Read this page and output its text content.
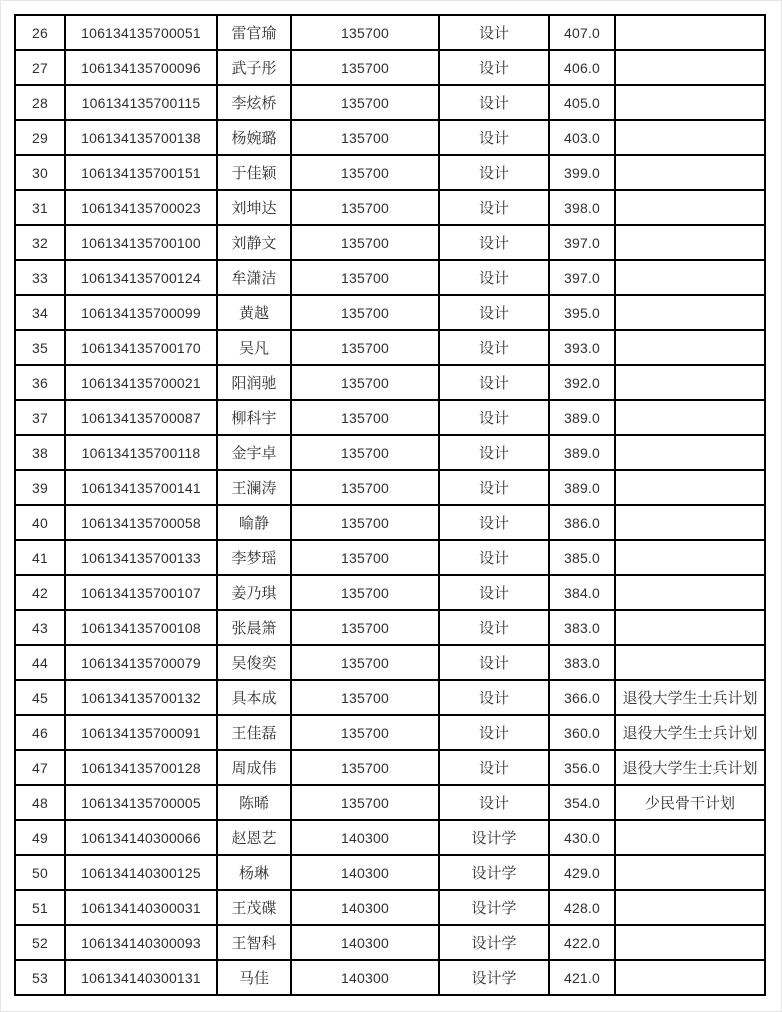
26	106134135700051	雷官瑜	135700	设计	407.0	
27	106134135700096	武子彤	135700	设计	406.0	
28	106134135700115	李炫桥	135700	设计	405.0	
29	106134135700138	杨婉璐	135700	设计	403.0	
30	106134135700151	于佳颖	135700	设计	399.0	
31	106134135700023	刘坤达	135700	设计	398.0	
32	106134135700100	刘静文	135700	设计	397.0	
33	106134135700124	牟潇洁	135700	设计	397.0	
34	106134135700099	黄越	135700	设计	395.0	
35	106134135700170	吴凡	135700	设计	393.0	
36	106134135700021	阳润驰	135700	设计	392.0	
37	106134135700087	柳科宇	135700	设计	389.0	
38	106134135700118	金宇卓	135700	设计	389.0	
39	106134135700141	王澜涛	135700	设计	389.0	
40	106134135700058	喻静	135700	设计	386.0	
41	106134135700133	李梦瑶	135700	设计	385.0	
42	106134135700107	姜乃琪	135700	设计	384.0	
43	106134135700108	张晨箫	135700	设计	383.0	
44	106134135700079	吴俊奕	135700	设计	383.0	
45	106134135700132	具本成	135700	设计	366.0	退役大学生士兵计划
46	106134135700091	王佳磊	135700	设计	360.0	退役大学生士兵计划
47	106134135700128	周成伟	135700	设计	356.0	退役大学生士兵计划
48	106134135700005	陈晞	135700	设计	354.0	少民骨干计划
49	106134140300066	赵恩艺	140300	设计学	430.0	
50	106134140300125	杨琳	140300	设计学	429.0	
51	106134140300031	王茂碟	140300	设计学	428.0	
52	106134140300093	王智科	140300	设计学	422.0	
53	106134140300131	马佳	140300	设计学	421.0	
